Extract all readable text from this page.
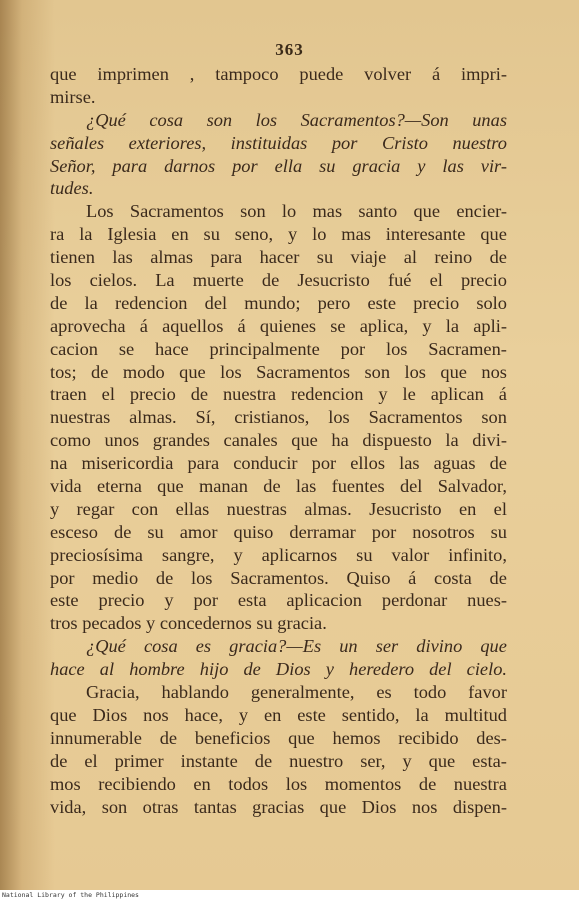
363
que imprimen , tampoco puede volver á impri-
mirse.
¿Qué cosa son los Sacramentos?—Son unas
señales exteriores, instituidas por Cristo nuestro
Señor, para darnos por ella su gracia y las vir-
tudes.
Los Sacramentos son lo mas santo que encier-
ra la Iglesia en su seno, y lo mas interesante que
tienen las almas para hacer su viaje al reino de
los cielos. La muerte de Jesucristo fué el precio
de la redencion del mundo; pero este precio solo
aprovecha á aquellos á quienes se aplica, y la apli-
cacion se hace principalmente por los Sacramen-
tos; de modo que los Sacramentos son los que nos
traen el precio de nuestra redencion y le aplican á
nuestras almas. Sí, cristianos, los Sacramentos son
como unos grandes canales que ha dispuesto la divi-
na misericordia para conducir por ellos las aguas de
vida eterna que manan de las fuentes del Salvador,
y regar con ellas nuestras almas. Jesucristo en el
esceso de su amor quiso derramar por nosotros su
preciosísima sangre, y aplicarnos su valor infinito,
por medio de los Sacramentos. Quiso á costa de
este precio y por esta aplicacion perdonar nues-
tros pecados y concedernos su gracia.
¿Qué cosa es gracia?—Es un ser divino que
hace al hombre hijo de Dios y heredero del cielo.
Gracia, hablando generalmente, es todo favor
que Dios nos hace, y en este sentido, la multitud
innumerable de beneficios que hemos recibido des-
de el primer instante de nuestro ser, y que esta-
mos recibiendo en todos los momentos de nuestra
vida, son otras tantas gracias que Dios nos dispen-
National Library of the Philippines
